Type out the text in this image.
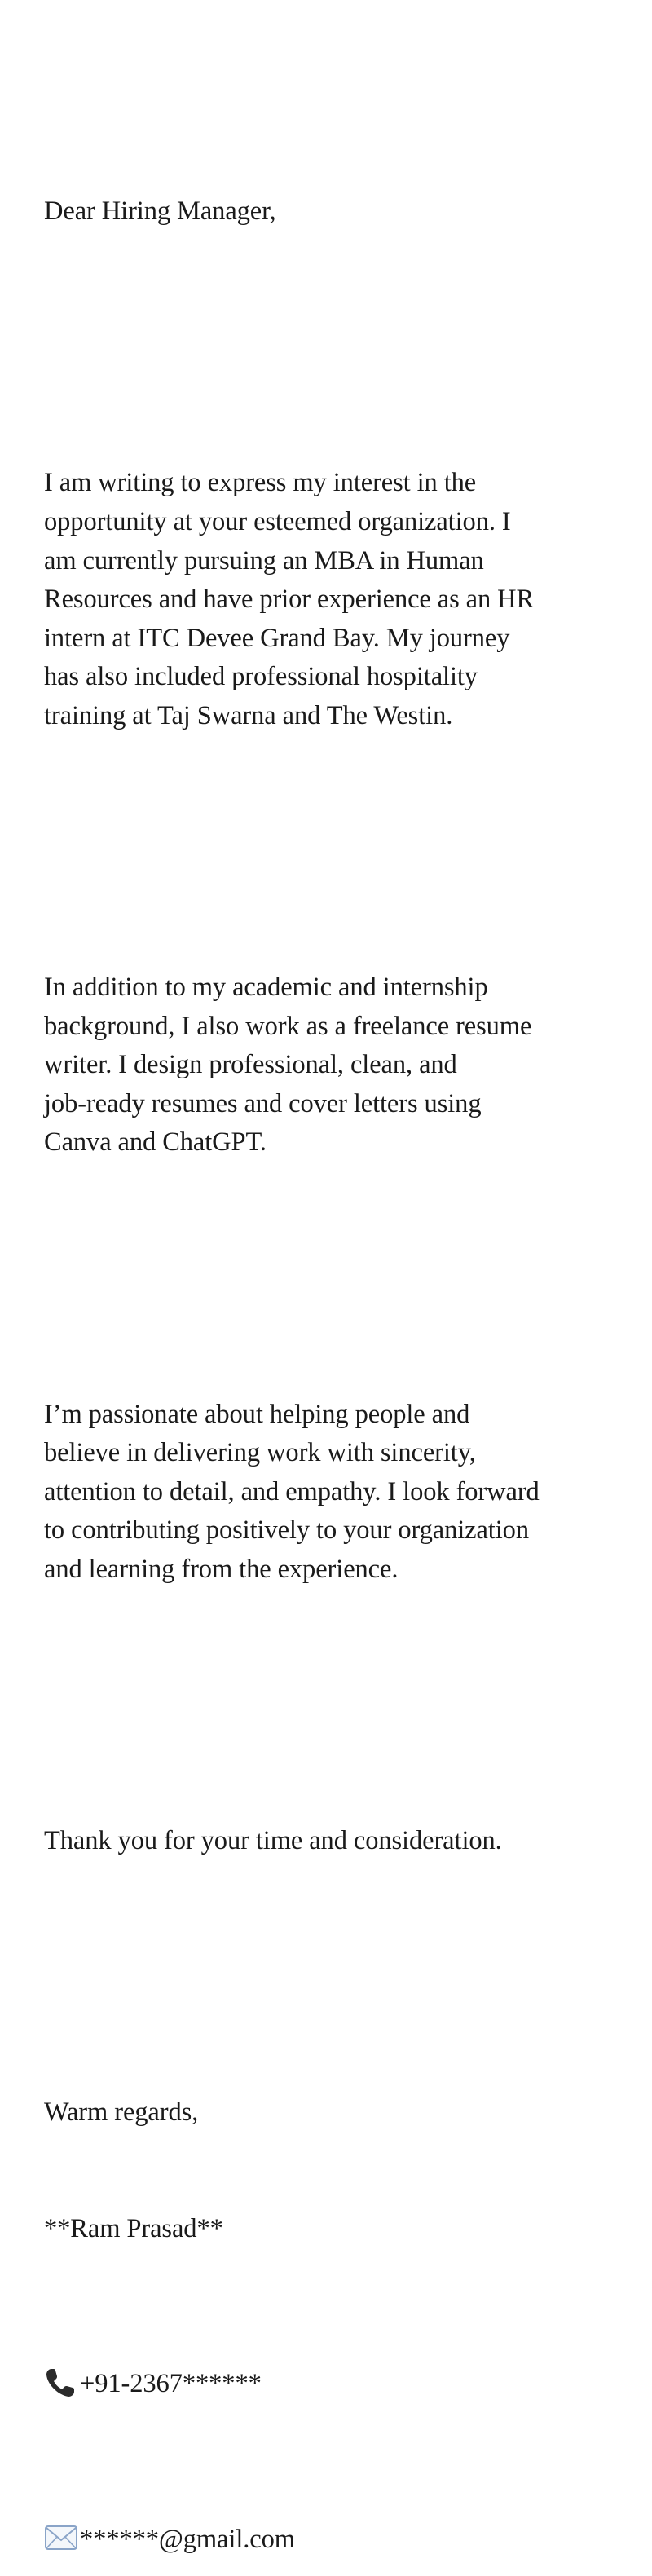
Dear Hiring Manager,

I am writing to express my interest in the
opportunity at your esteemed organization. I
am currently pursuing an MBA in Human
Resources and have prior experience as an HR
intern at ITC Devee Grand Bay. My journey
has also included professional hospitality
training at Taj Swarna and The Westin.

In addition to my academic and internship
background, I also work as a freelance resume
writer. I design professional, clean, and
job-ready resumes and cover letters using
Canva and ChatGPT.

I’m passionate about helping people and
believe in delivering work with sincerity,
attention to detail, and empathy. I look forward
to contributing positively to your organization
and learning from the experience.

Thank you for your time and consideration.

Warm regards,

**Ram Prasad**

+91-2367******

******@gmail.com
